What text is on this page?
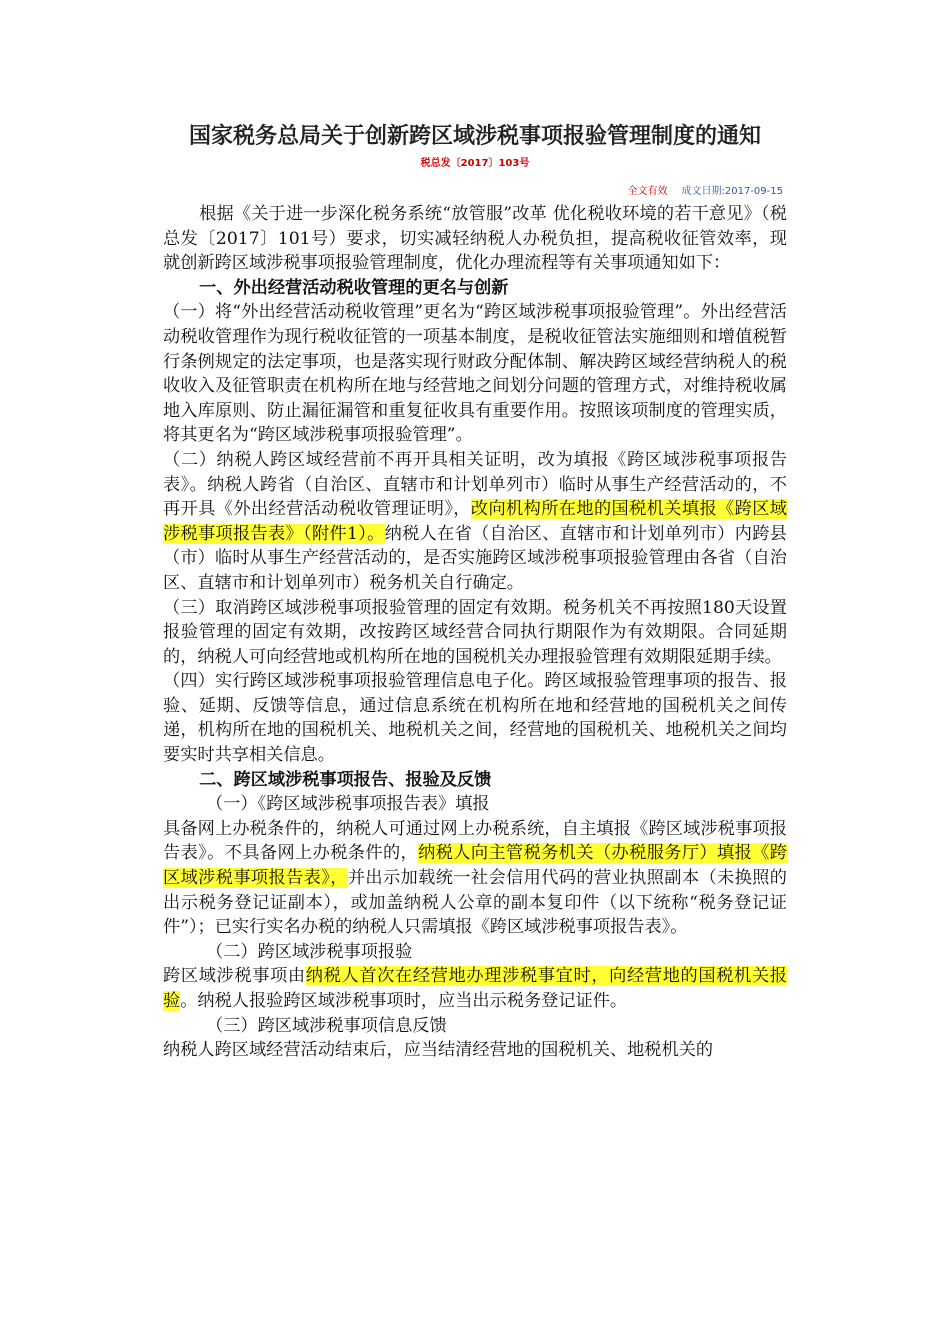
国家税务总局关于创新跨区域涉税事项报验管理制度的通知
税总发〔2017〕103号
全文有效 成文日期:2017-09-15

根据《关于进一步深化税务系统“放管服”改革 优化税收环境的若干意见》（税总发〔2017〕101号）要求，切实减轻纳税人办税负担，提高税收征管效率，现就创新跨区域涉税事项报验管理制度，优化办理流程等有关事项通知如下：

一、外出经营活动税收管理的更名与创新

（一）将“外出经营活动税收管理”更名为“跨区域涉税事项报验管理”。外出经营活动税收管理作为现行税收征管的一项基本制度，是税收征管法实施细则和增值税暂行条例规定的法定事项，也是落实现行财政分配体制、解决跨区域经营纳税人的税收收入及征管职责在机构所在地与经营地之间划分问题的管理方式，对维持税收属地入库原则、防止漏征漏管和重复征收具有重要作用。按照该项制度的管理实质，将其更名为“跨区域涉税事项报验管理”。

（二）纳税人跨区域经营前不再开具相关证明，改为填报《跨区域涉税事项报告表》。纳税人跨省（自治区、直辖市和计划单列市）临时从事生产经营活动的，不再开具《外出经营活动税收管理证明》，改向机构所在地的国税机关填报《跨区域涉税事项报告表》（附件1）。纳税人在省（自治区、直辖市和计划单列市）内跨县（市）临时从事生产经营活动的，是否实施跨区域涉税事项报验管理由各省（自治区、直辖市和计划单列市）税务机关自行确定。

（三）取消跨区域涉税事项报验管理的固定有效期。税务机关不再按照180天设置报验管理的固定有效期，改按跨区域经营合同执行期限作为有效期限。合同延期的，纳税人可向经营地或机构所在地的国税机关办理报验管理有效期限延期手续。

（四）实行跨区域涉税事项报验管理信息电子化。跨区域报验管理事项的报告、报验、延期、反馈等信息，通过信息系统在机构所在地和经营地的国税机关之间传递，机构所在地的国税机关、地税机关之间，经营地的国税机关、地税机关之间均要实时共享相关信息。

二、跨区域涉税事项报告、报验及反馈

（一）《跨区域涉税事项报告表》填报

具备网上办税条件的，纳税人可通过网上办税系统，自主填报《跨区域涉税事项报告表》。不具备网上办税条件的，纳税人向主管税务机关（办税服务厅）填报《跨区域涉税事项报告表》，并出示加载统一社会信用代码的营业执照副本（未换照的出示税务登记证副本），或加盖纳税人公章的副本复印件（以下统称“税务登记证件”）；已实行实名办税的纳税人只需填报《跨区域涉税事项报告表》。

（二）跨区域涉税事项报验

跨区域涉税事项由纳税人首次在经营地办理涉税事宜时，向经营地的国税机关报验。纳税人报验跨区域涉税事项时，应当出示税务登记证件。

（三）跨区域涉税事项信息反馈

纳税人跨区域经营活动结束后，应当结清经营地的国税机关、地税机关的
